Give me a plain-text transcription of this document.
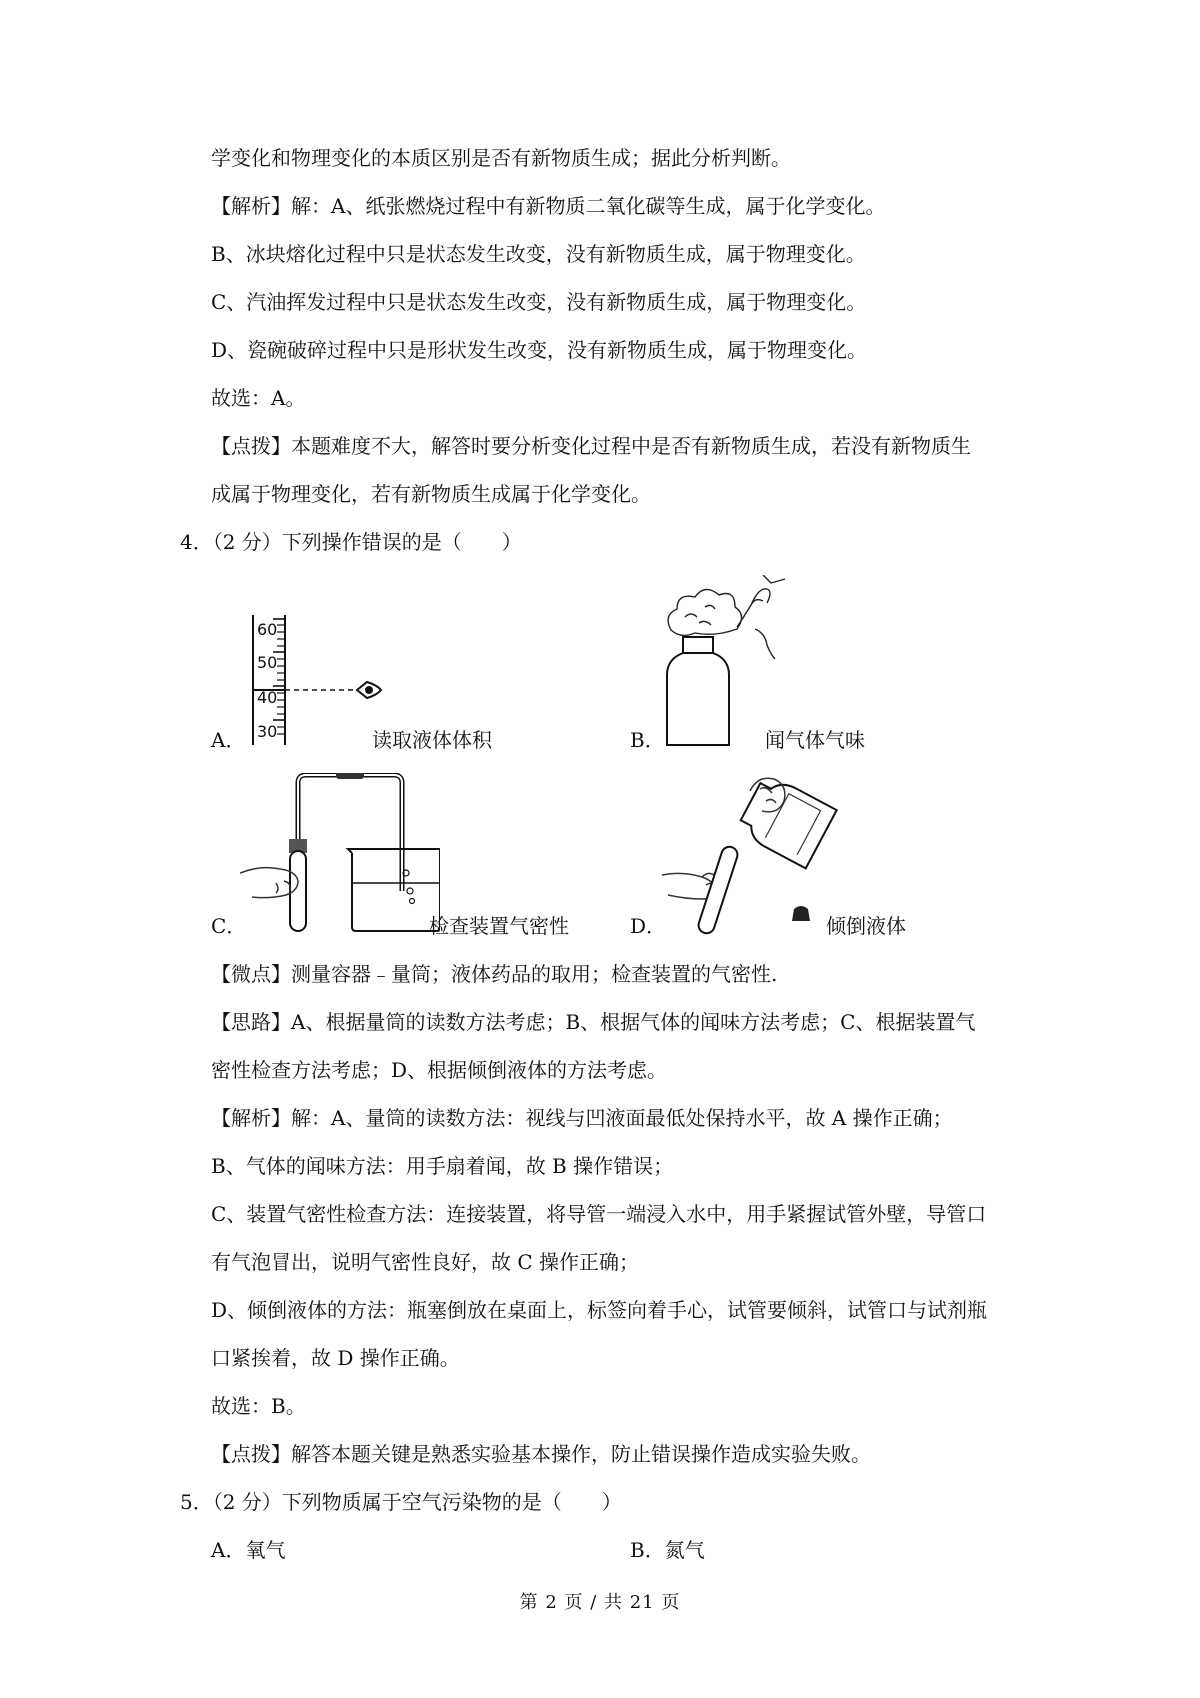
学变化和物理变化的本质区别是否有新物质生成；据此分析判断。
【解析】解：A、纸张燃烧过程中有新物质二氧化碳等生成，属于化学变化。
B、冰块熔化过程中只是状态发生改变，没有新物质生成，属于物理变化。
C、汽油挥发过程中只是状态发生改变，没有新物质生成，属于物理变化。
D、瓷碗破碎过程中只是形状发生改变，没有新物质生成，属于物理变化。
故选：A。
【点拨】本题难度不大，解答时要分析变化过程中是否有新物质生成，若没有新物质生
成属于物理变化，若有新物质生成属于化学变化。
4．（2 分）下列操作错误的是（　　）
A．
60
50
40
30	读取液体体积	B．	闻气体气味
C．	检查装置气密性	D．	倾倒液体
【微点】测量容器﹣量筒；液体药品的取用；检查装置的气密性.
【思路】A、根据量筒的读数方法考虑；B、根据气体的闻味方法考虑；C、根据装置气
密性检查方法考虑；D、根据倾倒液体的方法考虑。
【解析】解：A、量筒的读数方法：视线与凹液面最低处保持水平，故 A 操作正确；
B、气体的闻味方法：用手扇着闻，故 B 操作错误；
C、装置气密性检查方法：连接装置，将导管一端浸入水中，用手紧握试管外壁，导管口
有气泡冒出，说明气密性良好，故 C 操作正确；
D、倾倒液体的方法：瓶塞倒放在桌面上，标签向着手心，试管要倾斜，试管口与试剂瓶
口紧挨着，故 D 操作正确。
故选：B。
【点拨】解答本题关键是熟悉实验基本操作，防止错误操作造成实验失败。
5．（2 分）下列物质属于空气污染物的是（　　）
A．氧气	B．氮气
第 2 页 / 共 21 页
